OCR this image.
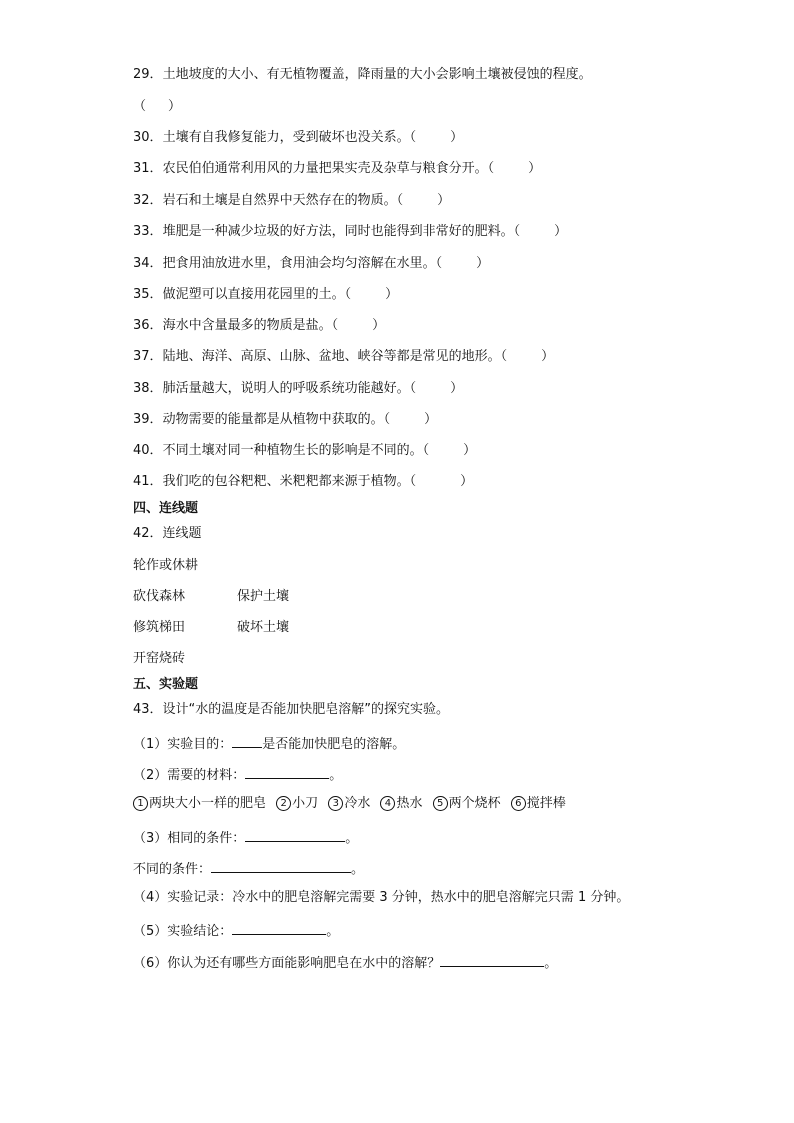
29．土地坡度的大小、有无植物覆盖，降雨量的大小会影响土壤被侵蚀的程度。
（ ）
30．土壤有自我修复能力，受到破坏也没关系。（	）
31．农民伯伯通常利用风的力量把果实壳及杂草与粮食分开。（	）
32．岩石和土壤是自然界中天然存在的物质。（	）
33．堆肥是一种减少垃圾的好方法，同时也能得到非常好的肥料。（	）
34．把食用油放进水里，食用油会均匀溶解在水里。（	）
35．做泥塑可以直接用花园里的土。（	）
36．海水中含量最多的物质是盐。（	）
37．陆地、海洋、高原、山脉、盆地、峡谷等都是常见的地形。（	）
38．肺活量越大，说明人的呼吸系统功能越好。（	）
39．动物需要的能量都是从植物中获取的。（	）
40．不同土壤对同一种植物生长的影响是不同的。（	）
41．我们吃的包谷粑粑、米粑粑都来源于植物。（	）
四、连线题
42．连线题
轮作或休耕
砍伐森林	保护土壤
修筑梯田	破坏土壤
开窑烧砖
五、实验题
43．设计“水的温度是否能加快肥皂溶解”的探究实验。
（1）实验目的： 是否能加快肥皂的溶解。
（2）需要的材料：	。
1 两块大小一样的肥皂 2 小刀 3 冷水 4 热水 5 两个烧杯 6 搅拌棒
（3）相同的条件：	。
不同的条件：	。
（4）实验记录：冷水中的肥皂溶解完需要 3 分钟，热水中的肥皂溶解完只需 1 分钟。
（5）实验结论：	。
（6）你认为还有哪些方面能影响肥皂在水中的溶解？	。
